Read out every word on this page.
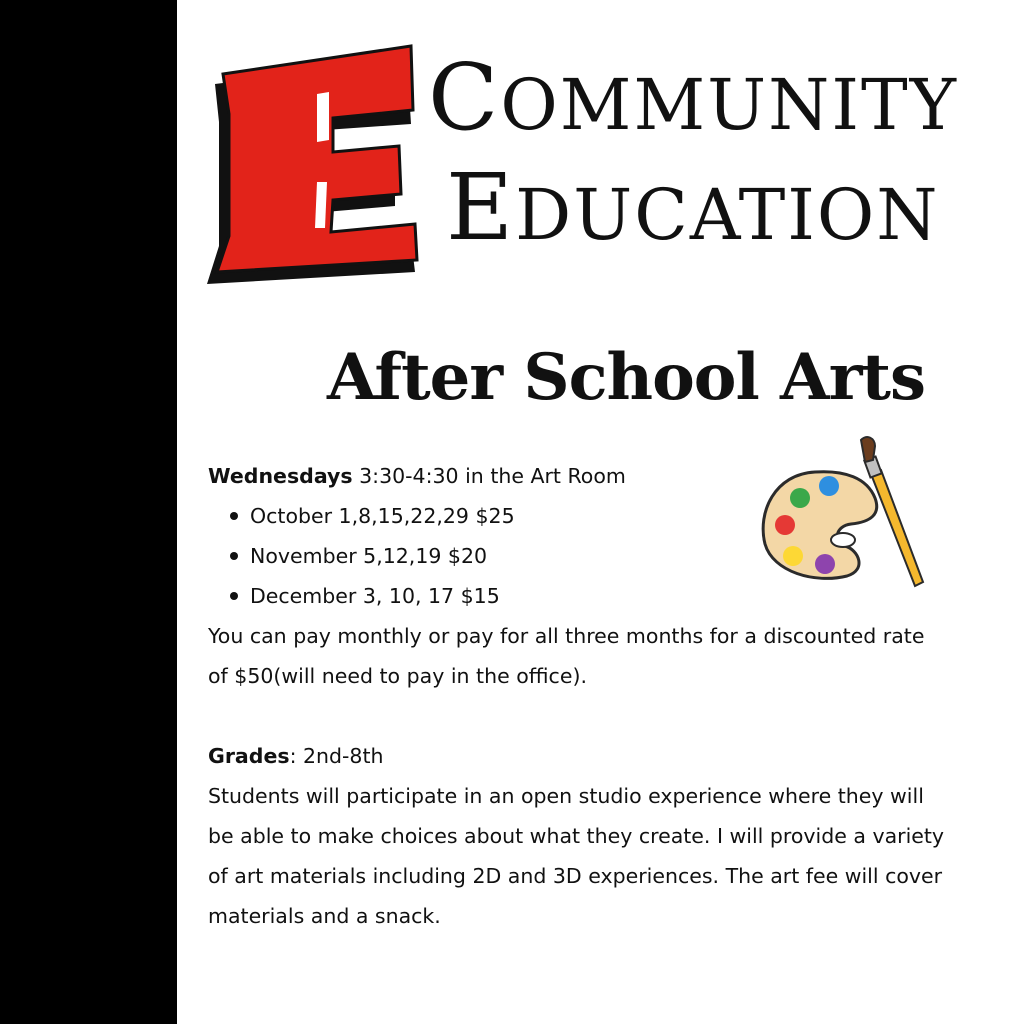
COMMUNITY
EDUCATION
After School Arts

Wednesdays 3:30-4:30 in the Art Room

October 1,8,15,22,29 $25
November 5,12,19 $20
December 3, 10, 17 $15

You can pay monthly or pay for all three months for a discounted rate of $50(will need to pay in the office).

Grades: 2nd-8th

Students will participate in an open studio experience where they will be able to make choices about what they create. I will provide a variety of art materials including 2D and 3D experiences. The art fee will cover materials and a snack.
